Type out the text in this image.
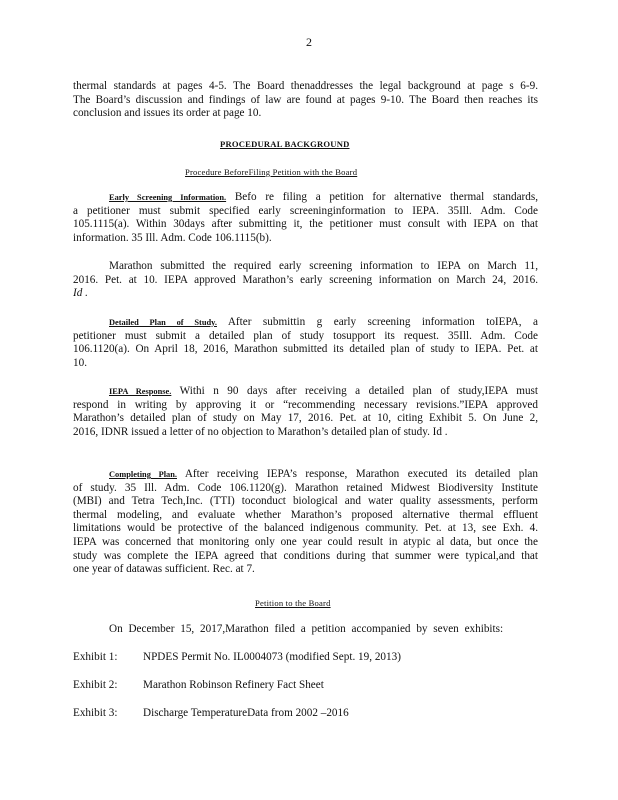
2
thermal standards at pages 4-5. The Board thenaddresses the legal background at page s 6-9.
The Board’s discussion and findings of law are found at pages 9-10. The Board then reaches its
conclusion and issues its order at page 10.
PROCEDURAL BACKGROUND
Procedure BeforeFiling Petition with the Board
Early Screening Information. Befo re filing a petition for alternative thermal standards,
a petitioner must submit specified early screeninginformation to IEPA. 35Ill. Adm. Code
105.1115(a). Within 30days after submitting it, the petitioner must consult with IEPA on that
information. 35 Ill. Adm. Code 106.1115(b).
Marathon submitted the required early screening information to IEPA on March 11,
2016. Pet. at 10. IEPA approved Marathon’s early screening information on March 24, 2016.
Id .
Detailed Plan of Study. After submittin g early screening information toIEPA, a
petitioner must submit a detailed plan of study tosupport its request. 35Ill. Adm. Code
106.1120(a). On April 18, 2016, Marathon submitted its detailed plan of study to IEPA. Pet. at
10.
IEPA Response. Withi n 90 days after receiving a detailed plan of study,IEPA must
respond in writing by approving it or “recommending necessary revisions.”IEPA approved
Marathon’s detailed plan of study on May 17, 2016. Pet. at 10, citing Exhibit 5. On June 2,
2016, IDNR issued a letter of no objection to Marathon’s detailed plan of study. Id .
Completing Plan. After receiving IEPA’s response, Marathon executed its detailed plan
of study. 35 Ill. Adm. Code 106.1120(g). Marathon retained Midwest Biodiversity Institute
(MBI) and Tetra Tech,Inc. (TTI) toconduct biological and water quality assessments, perform
thermal modeling, and evaluate whether Marathon’s proposed alternative thermal effluent
limitations would be protective of the balanced indigenous community. Pet. at 13, see Exh. 4.
IEPA was concerned that monitoring only one year could result in atypic al data, but once the
study was complete the IEPA agreed that conditions during that summer were typical,and that
one year of datawas sufficient. Rec. at 7.
Petition to the Board
On December 15, 2017,Marathon filed a petition accompanied by seven exhibits:
Exhibit 1: NPDES Permit No. IL0004073 (modified Sept. 19, 2013)
Exhibit 2: Marathon Robinson Refinery Fact Sheet
Exhibit 3: Discharge TemperatureData from 2002 –2016
